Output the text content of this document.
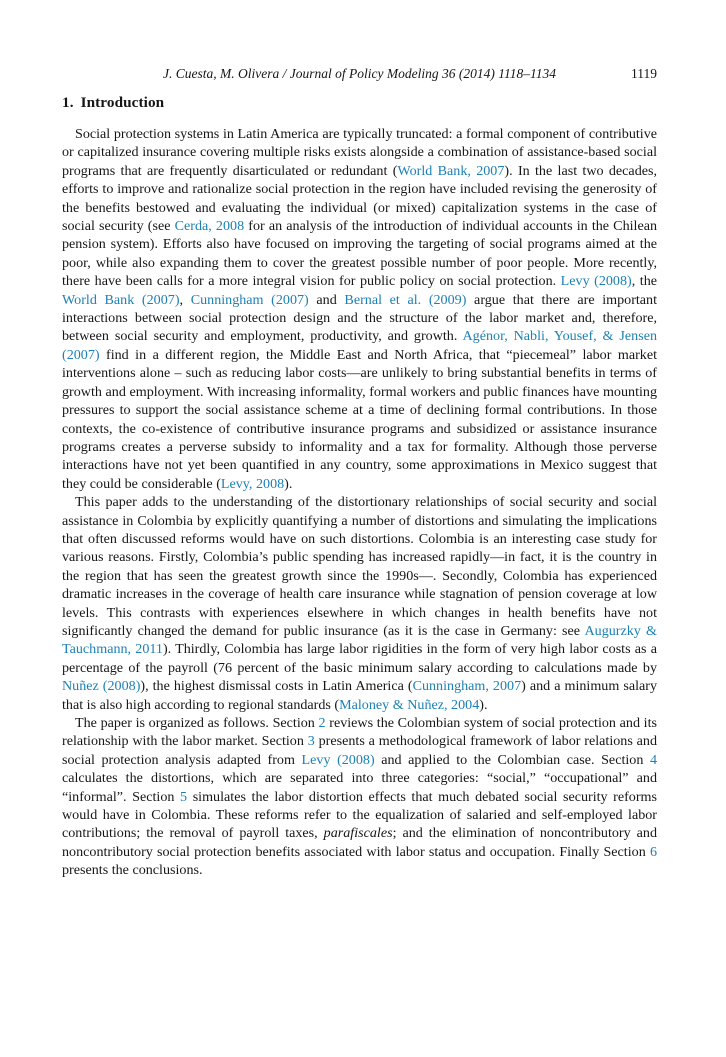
J. Cuesta, M. Olivera / Journal of Policy Modeling 36 (2014) 1118–1134	1119
1. Introduction

Social protection systems in Latin America are typically truncated: a formal component of contributive or capitalized insurance covering multiple risks exists alongside a combination of assistance-based social programs that are frequently disarticulated or redundant (World Bank, 2007). In the last two decades, efforts to improve and rationalize social protection in the region have included revising the generosity of the benefits bestowed and evaluating the individual (or mixed) capitalization systems in the case of social security (see Cerda, 2008 for an analysis of the introduction of individual accounts in the Chilean pension system). Efforts also have focused on improving the targeting of social programs aimed at the poor, while also expanding them to cover the greatest possible number of poor people. More recently, there have been calls for a more integral vision for public policy on social protection. Levy (2008), the World Bank (2007), Cunningham (2007) and Bernal et al. (2009) argue that there are important interactions between social protection design and the structure of the labor market and, therefore, between social security and employment, productivity, and growth. Agénor, Nabli, Yousef, & Jensen (2007) find in a different region, the Middle East and North Africa, that “piecemeal” labor market interventions alone – such as reducing labor costs—are unlikely to bring substantial benefits in terms of growth and employment. With increasing informality, formal workers and public finances have mounting pressures to support the social assistance scheme at a time of declining formal contributions. In those contexts, the co-existence of contributive insurance programs and subsidized or assistance insurance programs creates a perverse subsidy to informality and a tax for formality. Although those perverse interactions have not yet been quantified in any country, some approximations in Mexico suggest that they could be considerable (Levy, 2008).

This paper adds to the understanding of the distortionary relationships of social security and social assistance in Colombia by explicitly quantifying a number of distortions and simulating the implications that often discussed reforms would have on such distortions. Colombia is an interesting case study for various reasons. Firstly, Colombia’s public spending has increased rapidly—in fact, it is the country in the region that has seen the greatest growth since the 1990s—. Secondly, Colombia has experienced dramatic increases in the coverage of health care insurance while stagnation of pension coverage at low levels. This contrasts with experiences elsewhere in which changes in health benefits have not significantly changed the demand for public insurance (as it is the case in Germany: see Augurzky & Tauchmann, 2011). Thirdly, Colombia has large labor rigidities in the form of very high labor costs as a percentage of the payroll (76 percent of the basic minimum salary according to calculations made by Nuñez (2008)), the highest dismissal costs in Latin America (Cunningham, 2007) and a minimum salary that is also high according to regional standards (Maloney & Nuñez, 2004).

The paper is organized as follows. Section 2 reviews the Colombian system of social protection and its relationship with the labor market. Section 3 presents a methodological framework of labor relations and social protection analysis adapted from Levy (2008) and applied to the Colombian case. Section 4 calculates the distortions, which are separated into three categories: “social,” “occupational” and “informal”. Section 5 simulates the labor distortion effects that much debated social security reforms would have in Colombia. These reforms refer to the equalization of salaried and self-employed labor contributions; the removal of payroll taxes, parafiscales; and the elimination of noncontributory and noncontributory social protection benefits associated with labor status and occupation. Finally Section 6 presents the conclusions.
